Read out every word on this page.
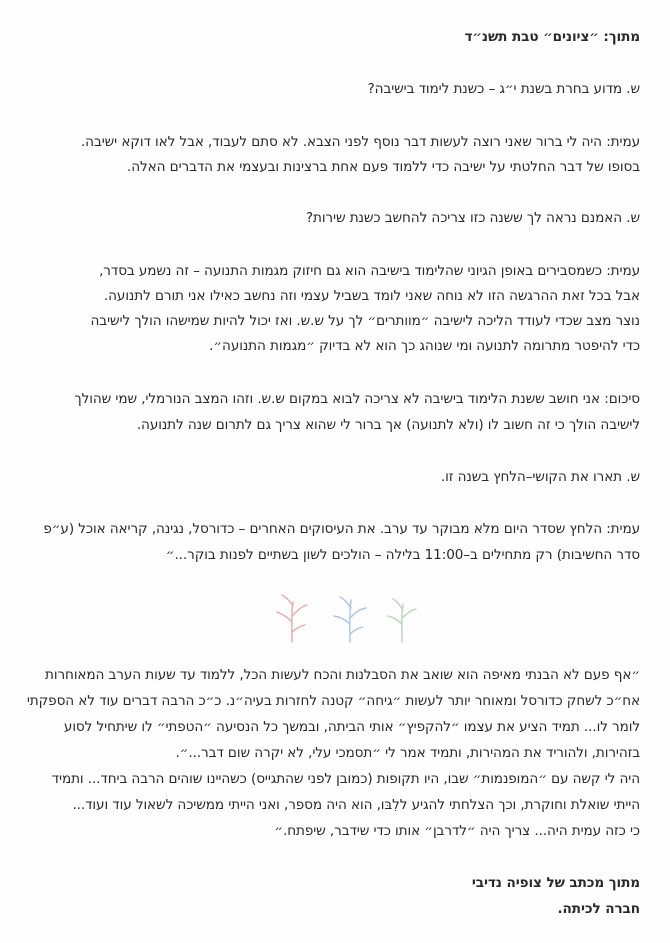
מתוך: ״ציונים״ טבת תשנ״ד
ש. מדוע בחרת בשנת י״ג – כשנת לימוד בישיבה?
עמית: היה לי ברור שאני רוצה לעשות דבר נוסף לפני הצבא. לא סתם לעבוד, אבל לאו דוקא ישיבה.
בסופו של דבר החלטתי על ישיבה כדי ללמוד פעם אחת ברצינות ובעצמי את הדברים האלה.
ש. האמנם נראה לך ששנה כזו צריכה להחשב כשנת שירות?
עמית: כשמסבירים באופן הגיוני שהלימוד בישיבה הוא גם חיזוק מגמות התנועה – זה נשמע בסדר,
אבל בכל זאת ההרגשה הזו לא נוחה שאני לומד בשביל עצמי וזה נחשב כאילו אני תורם לתנועה.
נוצר מצב שכדי לעודד הליכה לישיבה ״מוותרים״ לך על ש.ש. ואז יכול להיות שמישהו הולך לישיבה
כדי להיפטר מתרומה לתנועה ומי שנוהג כך הוא לא בדיוק ״מגמות התנועה״.
סיכום: אני חושב ששנת הלימוד בישיבה לא צריכה לבוא במקום ש.ש. וזהו המצב הנורמלי, שמי שהולך
לישיבה הולך כי זה חשוב לו (ולא לתנועה) אך ברור לי שהוא צריך גם לתרום שנה לתנועה.
ש. תארו את הקושי–הלחץ בשנה זו.
עמית: הלחץ שסדר היום מלא מבוקר עד ערב. את העיסוקים האחרים – כדורסל, נגינה, קריאה אוכל (ע״פ
סדר החשיבות) רק מתחילים ב–11:00 בלילה – הולכים לשון בשתיים לפנות בוקר...״
״אף פעם לא הבנתי מאיפה הוא שואב את הסבלנות והכח לעשות הכל, ללמוד עד שעות הערב המאוחרות
אח״כ לשחק כדורסל ומאוחר יותר לעשות ״גיחה״ קטנה לחזרות בעיה״נ. כ״כ הרבה דברים עוד לא הספקתי
לומר לו... תמיד הציע את עצמו ״להקפיץ״ אותי הביתה, ובמשך כל הנסיעה ״הטפתי״ לו שיתחיל לסוע
בזהירות, ולהוריד את המהירות, ותמיד אמר לי ״תסמכי עלי, לא יקרה שום דבר...״.
היה לי קשה עם ״המופנמות״ שבו, היו תקופות (כמובן לפני שהתגייס) כשהיינו שוהים הרבה ביחד... ותמיד
הייתי שואלת וחוקרת, וכך הצלחתי להגיע ללִבּו, הוא היה מספר, ואני הייתי ממשיכה לשאול עוד ועוד...
כי כזה עמית היה... צריך היה ״לדרבן״ אותו כדי שידבר, שיפתח.״
מתוך מכתב של צופיה נדיבי
חברה לכיתה.
